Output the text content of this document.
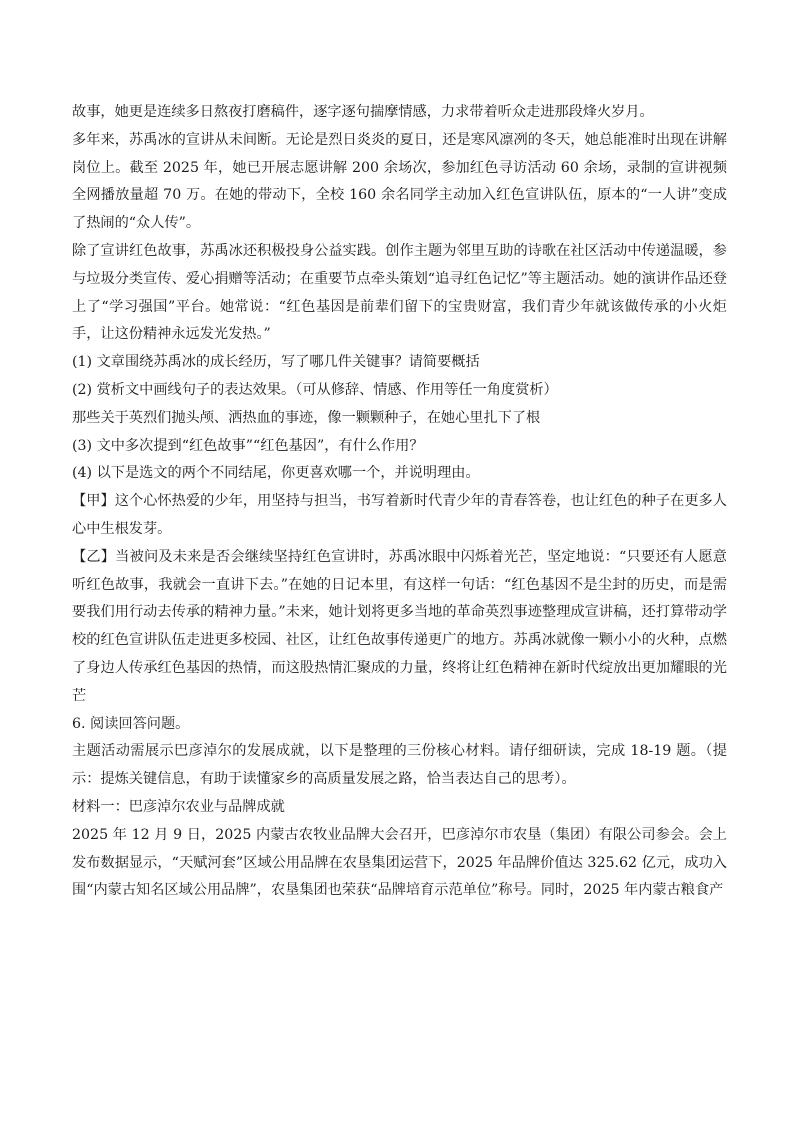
故事，她更是连续多日熬夜打磨稿件，逐字逐句揣摩情感，力求带着听众走进那段烽火岁月。

多年来，苏禹冰的宣讲从未间断。无论是烈日炎炎的夏日，还是寒风凛冽的冬天，她总能准时出现在讲解岗位上。截至 2025 年，她已开展志愿讲解 200 余场次，参加红色寻访活动 60 余场，录制的宣讲视频全网播放量超 70 万。在她的带动下，全校 160 余名同学主动加入红色宣讲队伍，原本的“一人讲”变成了热闹的“众人传”。

除了宣讲红色故事，苏禹冰还积极投身公益实践。创作主题为邻里互助的诗歌在社区活动中传递温暖，参与垃圾分类宣传、爱心捐赠等活动；在重要节点牵头策划“追寻红色记忆”等主题活动。她的演讲作品还登上了“学习强国”平台。她常说：“红色基因是前辈们留下的宝贵财富，我们青少年就该做传承的小火炬手，让这份精神永远发光发热。”

(1) 文章围绕苏禹冰的成长经历，写了哪几件关键事？请简要概括

(2) 赏析文中画线句子的表达效果。（可从修辞、情感、作用等任一角度赏析）

那些关于英烈们抛头颅、洒热血的事迹，像一颗颗种子，在她心里扎下了根

(3) 文中多次提到“红色故事”“红色基因”，有什么作用？

(4) 以下是选文的两个不同结尾，你更喜欢哪一个，并说明理由。

【甲】这个心怀热爱的少年，用坚持与担当，书写着新时代青少年的青春答卷，也让红色的种子在更多人心中生根发芽。

【乙】当被问及未来是否会继续坚持红色宣讲时，苏禹冰眼中闪烁着光芒，坚定地说：“只要还有人愿意听红色故事，我就会一直讲下去。”在她的日记本里，有这样一句话：“红色基因不是尘封的历史，而是需要我们用行动去传承的精神力量。”未来，她计划将更多当地的革命英烈事迹整理成宣讲稿，还打算带动学校的红色宣讲队伍走进更多校园、社区，让红色故事传递更广的地方。苏禹冰就像一颗小小的火种，点燃了身边人传承红色基因的热情，而这股热情汇聚成的力量，终将让红色精神在新时代绽放出更加耀眼的光芒

6. 阅读回答问题。

主题活动需展示巴彦淖尔的发展成就，以下是整理的三份核心材料。请仔细研读，完成 18-19 题。（提示：提炼关键信息，有助于读懂家乡的高质量发展之路，恰当表达自己的思考）。

材料一：巴彦淖尔农业与品牌成就

2025 年 12 月 9 日，2025 内蒙古农牧业品牌大会召开，巴彦淖尔市农垦（集团）有限公司参会。会上发布数据显示，“天赋河套”区域公用品牌在农垦集团运营下，2025 年品牌价值达 325.62 亿元，成功入围“内蒙古知名区域公用品牌”，农垦集团也荣获“品牌培育示范单位”称号。同时，2025 年内蒙古粮食产
